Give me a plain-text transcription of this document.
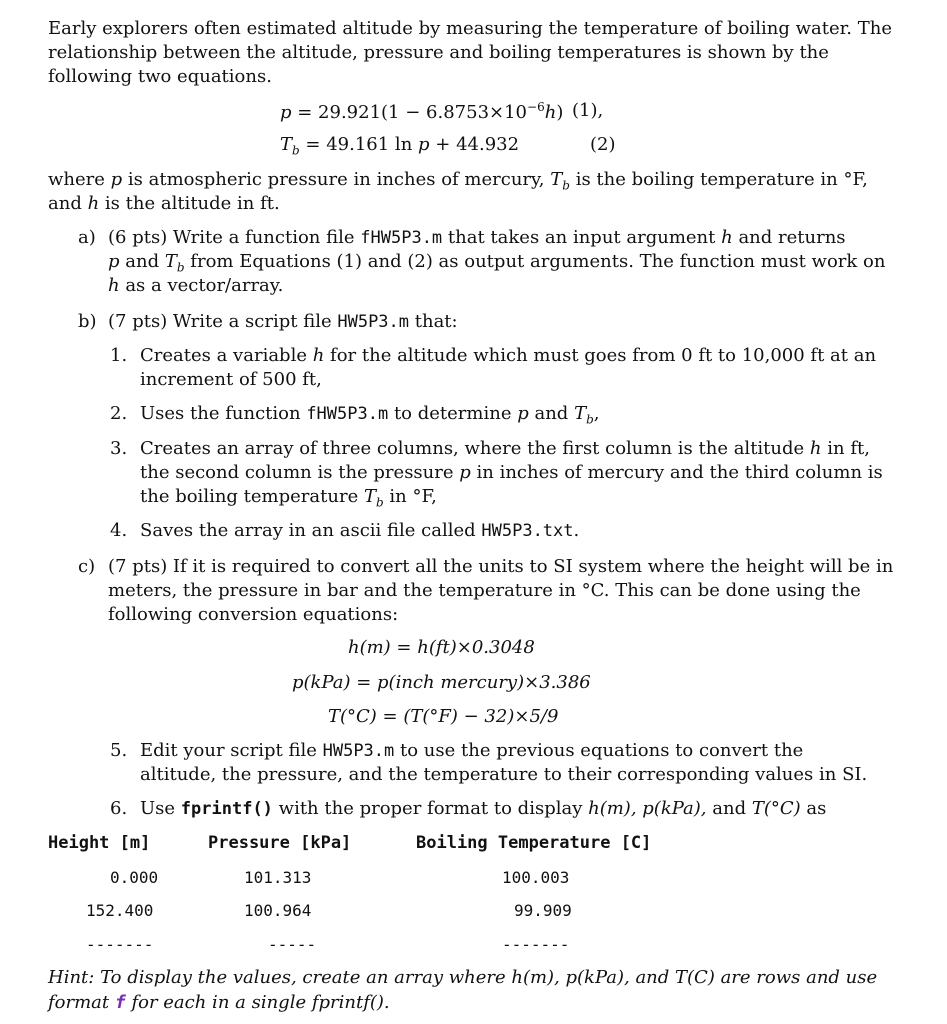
Early explorers often estimated altitude by measuring the temperature of boiling water. The
relationship between the altitude, pressure and boiling temperatures is shown by the
following two equations.
$p = 29.921(1 - 6.8753\times 10^{-6}h)$ (1),
$T_b = 49.161$ ln p + 44.932	(2)
where p is atmospheric pressure in inches of mercury, $T_b$ is the boiling temperature in °F,
and h is the altitude in ft.
a) (6 pts) Write a function file fHW5P3.m that takes an input argument h and returns
p and $T_b$ from Equations (1) and (2) as output arguments. The function must work on
h as a vector/array.
b) (7 pts) Write a script file HW5P3.m that:
1. Creates a variable h for the altitude which must goes from 0 ft to 10,000 ft at an
increment of 500 ft,
2. Uses the function fHW5P3.m to determine p and $T_b$,
3. Creates an array of three columns, where the first column is the altitude h in ft,
the second column is the pressure p in inches of mercury and the third column is
the boiling temperature $T_b$ in °F,
4. Saves the array in an ascii file called HW5P3.txt.
c) (7 pts) If it is required to convert all the units to SI system where the height will be in
meters, the pressure in bar and the temperature in °C. This can be done using the
following conversion equations:
h(m) = h(ft)×0.3048
p(kPa) = p(inch mercury)×3.386
T(°C) = (T(°F) − 32)×5/9
5. Edit your script file HW5P3.m to use the previous equations to convert the
altitude, the pressure, and the temperature to their corresponding values in SI.
6. Use fprintf() with the proper format to display h(m), p(kPa), and T(°C) as
Height [m]	Pressure [kPa]	Boiling Temperature [C]
0.000	101.313	100.003
152.400	100.964	99.909
-------	-----	-------
Hint: To display the values, create an array where h(m), p(kPa), and T(C) are rows and use
format f for each in a single fprintf().
